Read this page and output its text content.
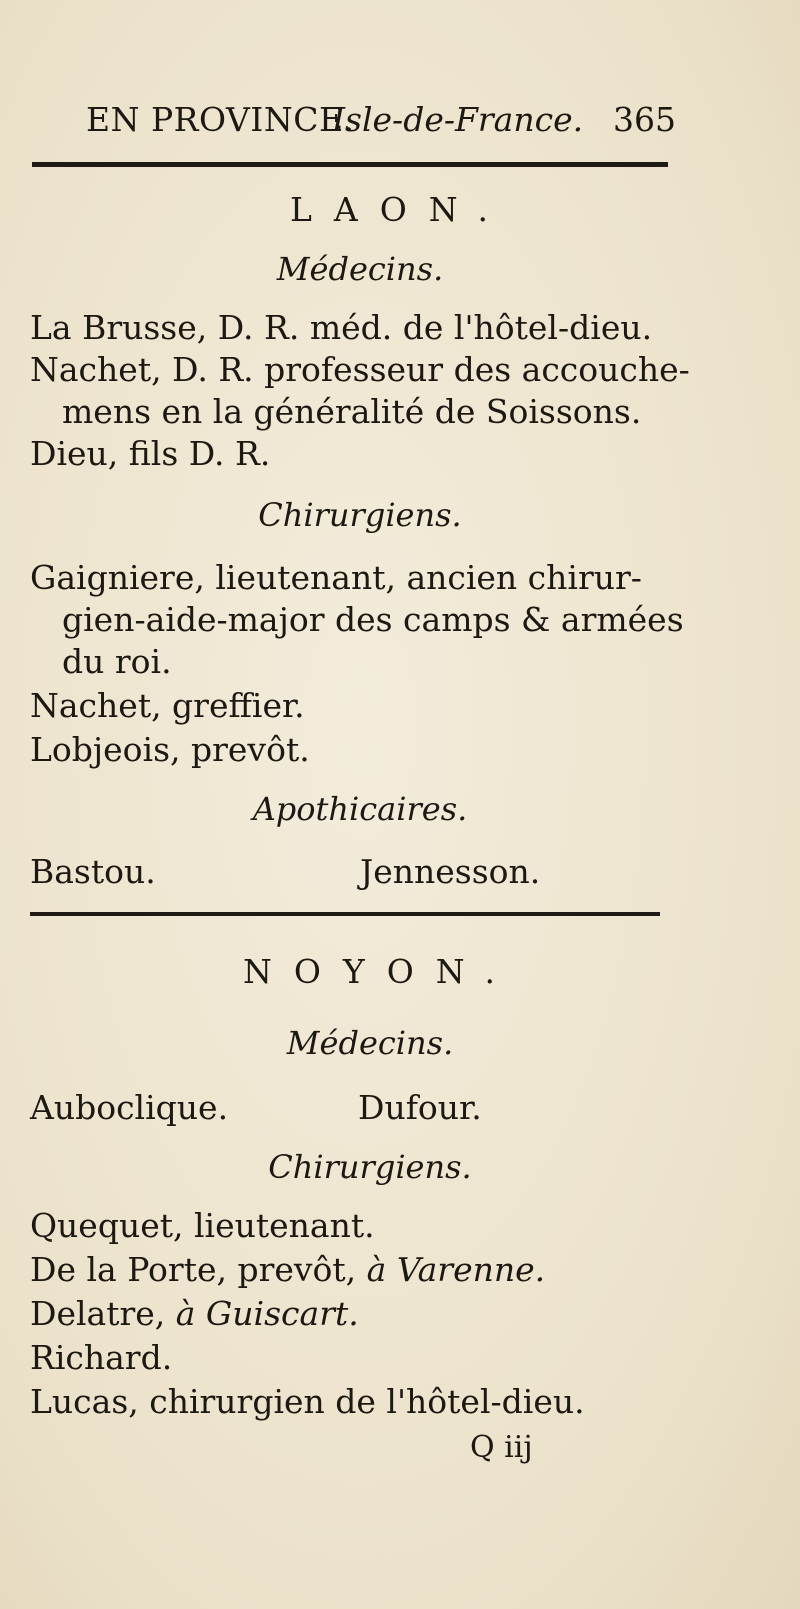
EN PROVINCE.
Isle-de-France. 365
LAON.
Médecins.
La Brusse, D. R. méd. de l'hôtel-dieu.
Nachet, D. R. professeur des accouche-
mens en la généralité de Soissons.
Dieu, fils D. R.
Chirurgiens.
Gaigniere, lieutenant, ancien chirur-
gien-aide-major des camps & armées
du roi.
Nachet, greffier.
Lobjeois, prevôt.
Apothicaires.
Bastou.	Jennesson.
NOYON.
Médecins.
Auboclique.	Dufour.
Chirurgiens.
Quequet, lieutenant.
De la Porte, prevôt, à Varenne.
Delatre, à Guiscart.
Richard.
Lucas, chirurgien de l'hôtel-dieu.
Q iij
